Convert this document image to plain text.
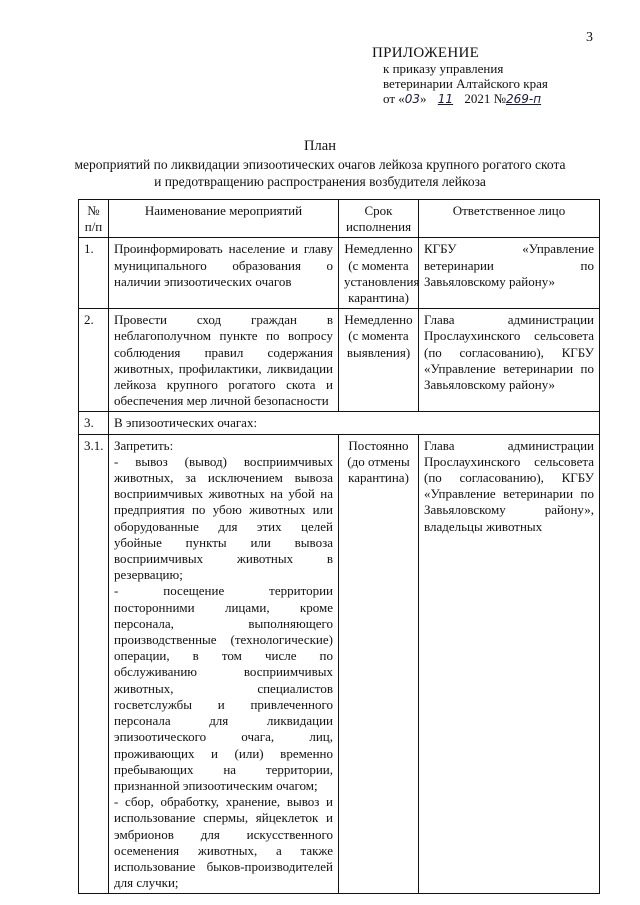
3
ПРИЛОЖЕНИЕ
к приказу управления
ветеринарии Алтайского края
от «03» 11 2021 №269-п
План
мероприятий по ликвидации эпизоотических очагов лейкоза крупного рогатого скота
и предотвращению распространения возбудителя лейкоза
№ п/п	Наименование мероприятий	Срок исполнения	Ответственное лицо
1.	Проинформировать население и главу муниципального образования о наличии эпизоотических очагов	Немедленно (с момента установления карантина)	КГБУ «Управление ветеринарии по Завьяловскому району»
2.	Провести сход граждан в неблагополучном пункте по вопросу соблюдения правил содержания животных, профилактики, ликвидации лейкоза крупного рогатого скота и обеспечения мер личной безопасности	Немедленно (с момента выявления)	Глава администрации Прослаухинского сельсовета (по согласованию), КГБУ «Управление ветеринарии по Завьяловскому району»
3.	В эпизоотических очагах:		
3.1.	Запретить:
- вывоз (вывод) восприимчивых животных, за исключением вывоза восприимчивых животных на убой на предприятия по убою животных или оборудованные для этих целей убойные пункты или вывоза восприимчивых животных в резервацию;
- посещение территории посторонними лицами, кроме персонала, выполняющего производственные (технологические) операции, в том числе по обслуживанию восприимчивых животных, специалистов госветслужбы и привлеченного персонала для ликвидации эпизоотического очага, лиц, проживающих и (или) временно пребывающих на территории, признанной эпизоотическим очагом;
- сбор, обработку, хранение, вывоз и использование спермы, яйцеклеток и эмбрионов для искусственного осеменения животных, а также использование быков-производителей для случки;	Постоянно (до отмены карантина)	Глава администрации Прослаухинского сельсовета (по согласованию), КГБУ «Управление ветеринарии по Завьяловскому району», владельцы животных
